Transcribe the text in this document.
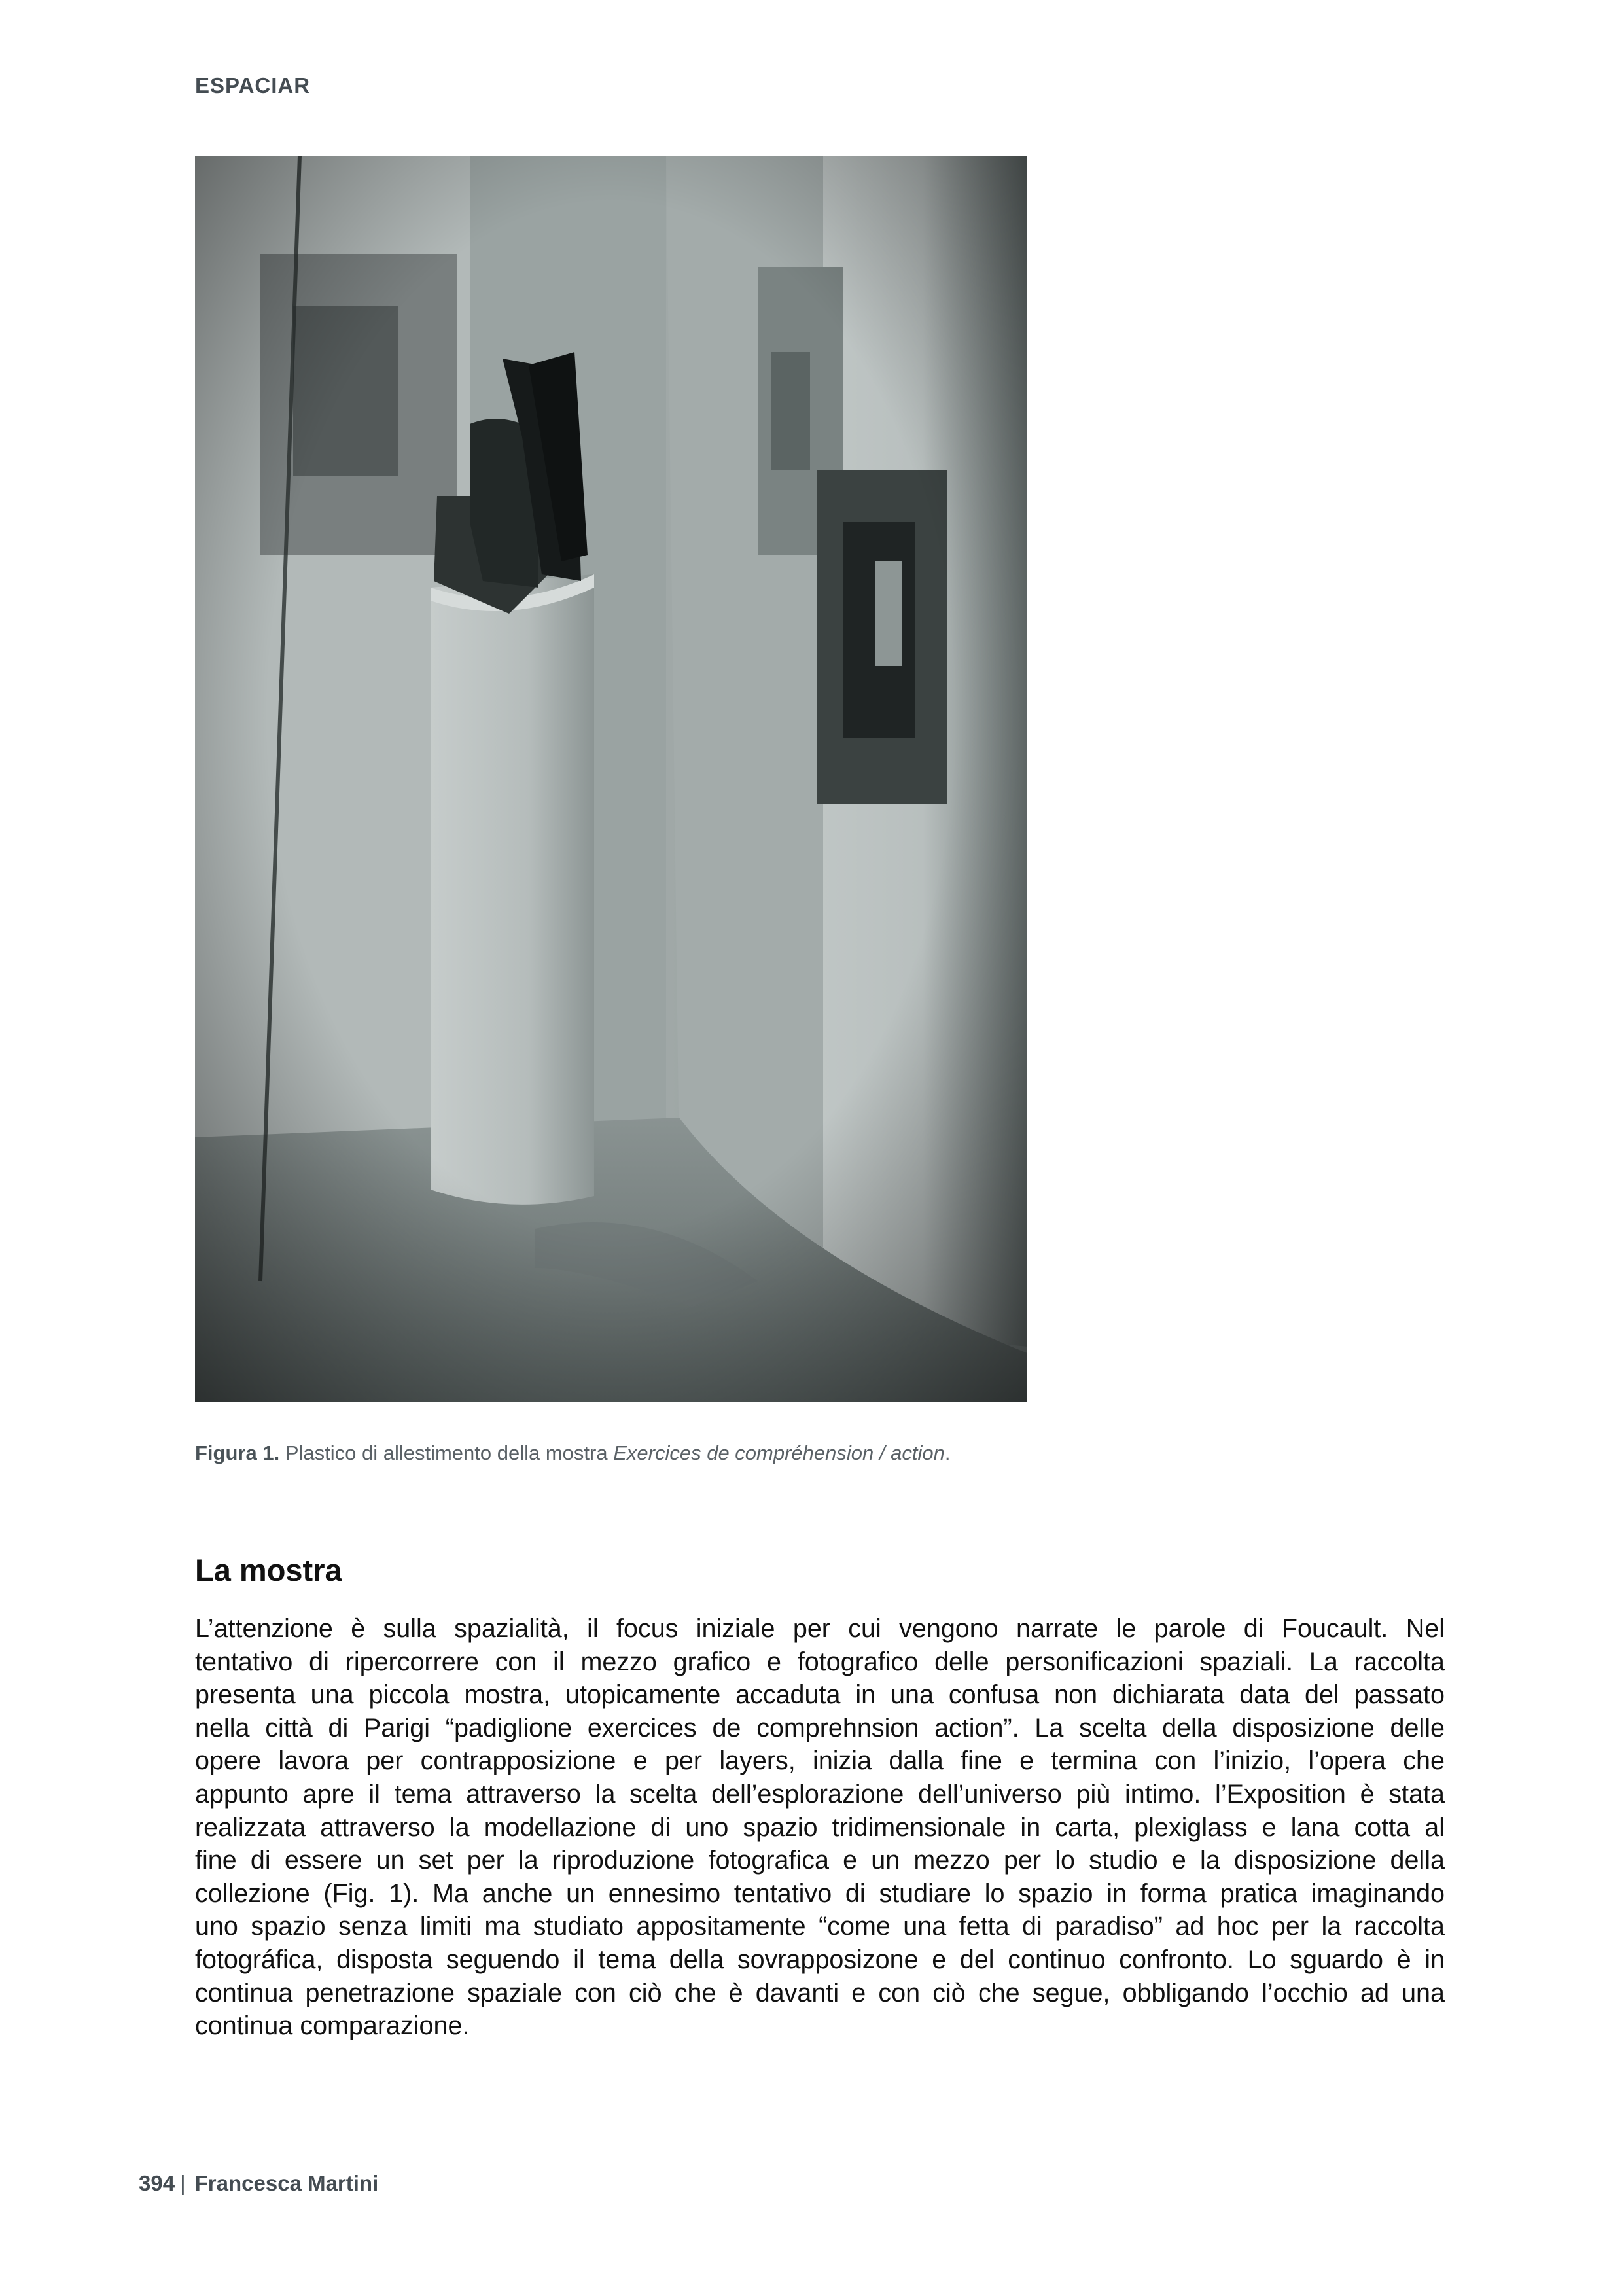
ESPACIAR
Figura 1. Plastico di allestimento della mostra Exercices de compréhension / action.
La mostra
L’attenzione è sulla spazialità, il focus iniziale per cui vengono narrate le parole di Foucault. Nel
tentativo di ripercorrere con il mezzo grafico e fotografico delle personificazioni spaziali. La raccolta
presenta una piccola mostra, utopicamente accaduta in una confusa non dichiarata data del passato
nella città di Parigi “padiglione exercices de comprehnsion action”. La scelta della disposizione delle
opere lavora per contrapposizione e per layers, inizia dalla fine e termina con l’inizio, l’opera che
appunto apre il tema attraverso la scelta dell’esplorazione dell’universo più intimo. l’Exposition è stata
realizzata attraverso la modellazione di uno spazio tridimensionale in carta, plexiglass e lana cotta al
fine di essere un set per la riproduzione fotografica e un mezzo per lo studio e la disposizione della
collezione (Fig. 1). Ma anche un ennesimo tentativo di studiare lo spazio in forma pratica imaginando
uno spazio senza limiti ma studiato appositamente “come una fetta di paradiso” ad hoc per la raccolta
fotográfica, disposta seguendo il tema della sovrapposizone e del continuo confronto. Lo sguardo è in
continua penetrazione spaziale con ciò che è davanti e con ciò che segue, obbligando l’occhio ad una
continua comparazione.
394 | Francesca Martini
